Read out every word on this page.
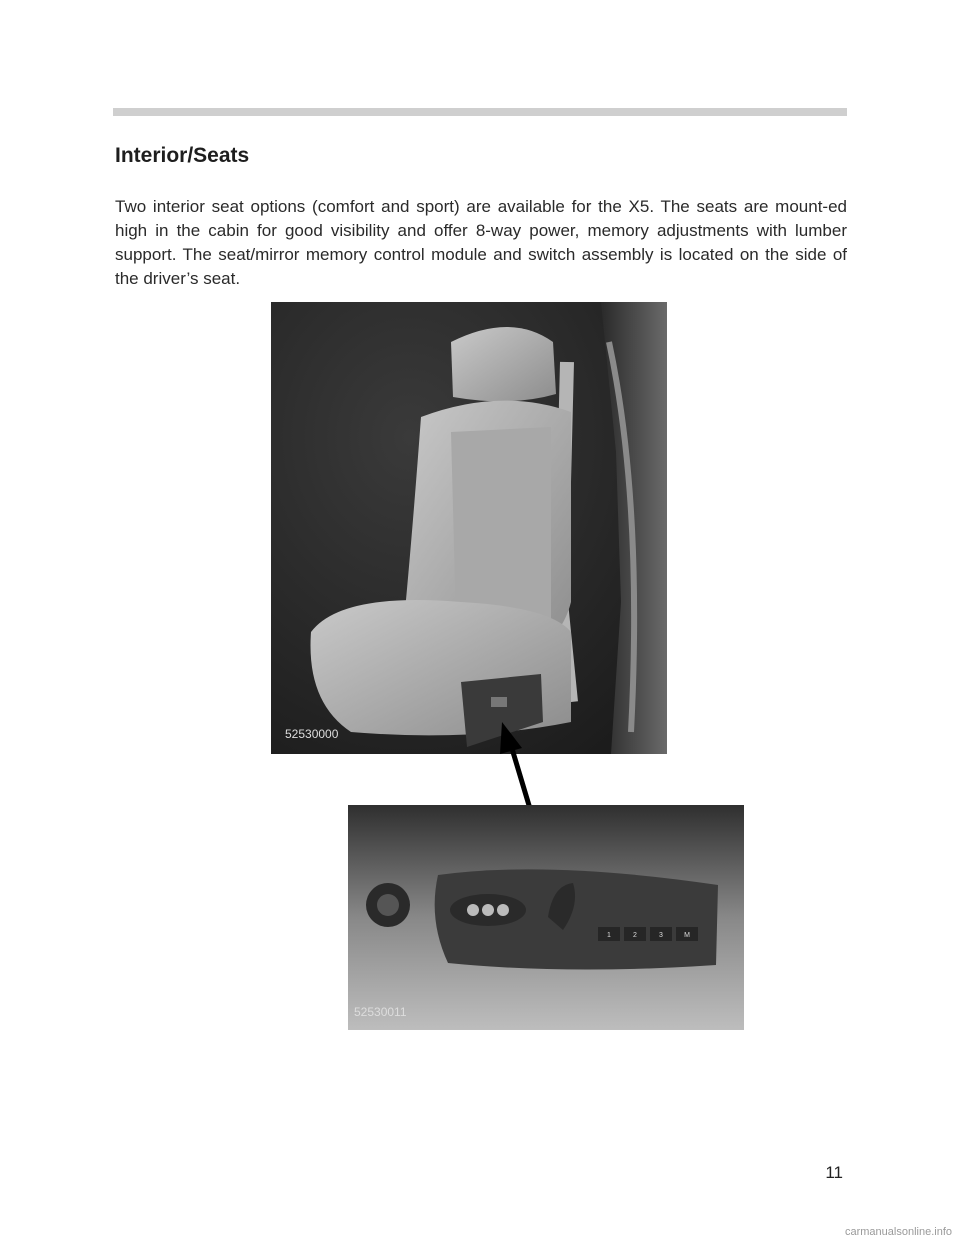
Interior/Seats

Two interior seat options (comfort and sport) are available for the X5. The seats are mount-ed high in the cabin for good visibility and offer 8-way power, memory adjustments with lumber support. The seat/mirror memory control module and switch assembly is located on the side of the driver’s seat.

52530000
1	2	3	M
52530011
11
carmanualsonline.info
